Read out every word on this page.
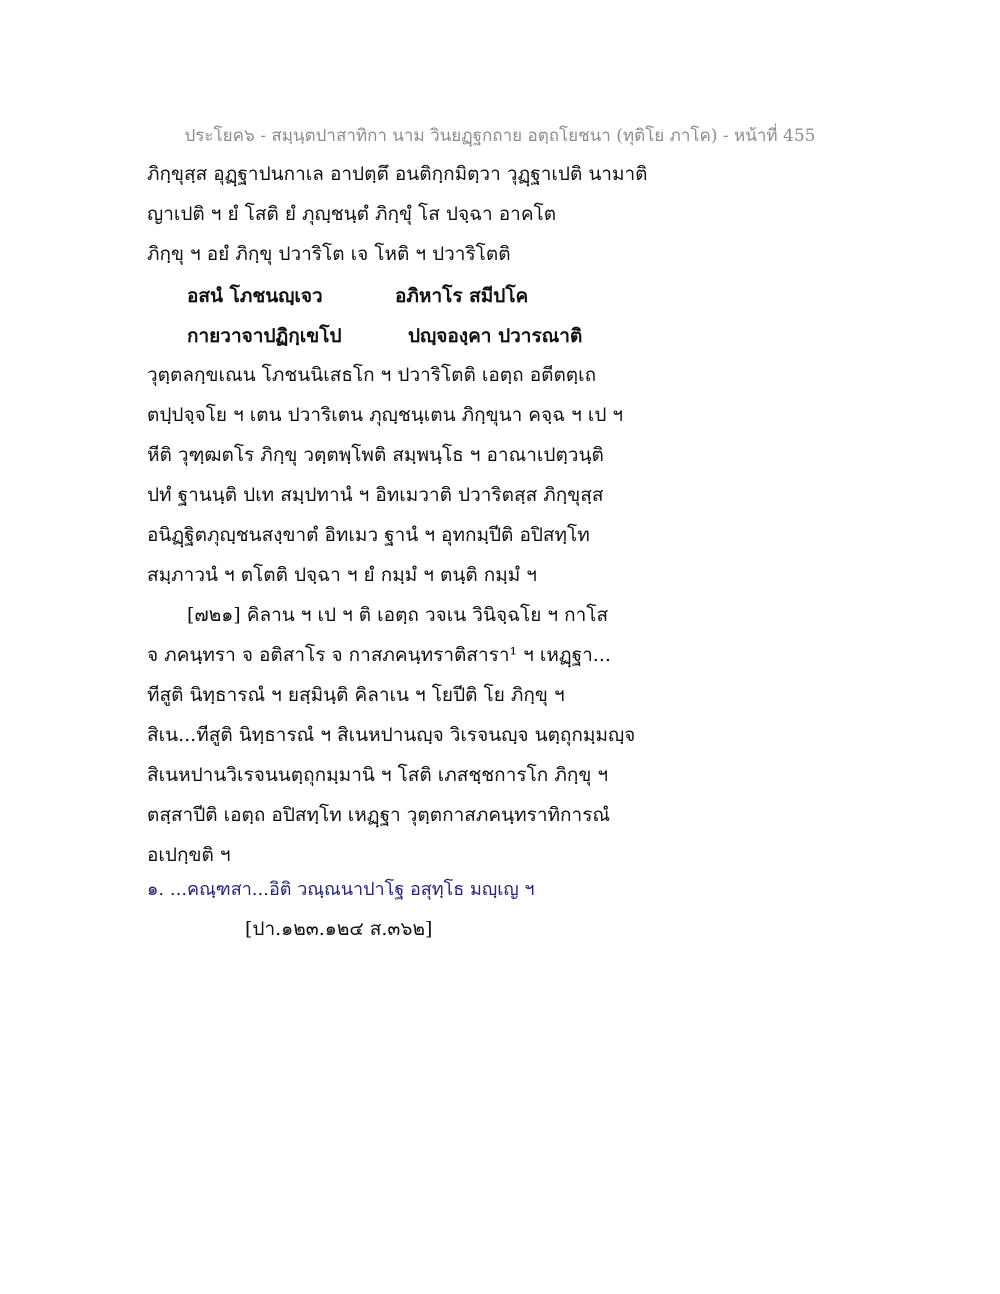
ประโยค๖ - สมฺนฺตปาสาทิกา นาม วินยฏฺฐกถาย อตฺถโยชนา (ทุติโย ภาโค) - หน้าที่ 455
ภิกฺขุสฺส อุฏฺฐาปนกาเล อาปตฺตึ อนติกฺกมิตฺวา วุฏฺฐาเปติ นามาติ
ญาเปติ ฯ ยํ โสติ ยํ ภุญฺชนฺตํ ภิกฺขุํ โส ปจฺฉา อาคโต
ภิกฺขุ ฯ อยํ ภิกฺขุ ปวาริโต เจ โหติ ฯ ปวาริโตติ
อสนํ โภชนญฺเจว	อภิหาโร สมีปโค
กายวาจาปฏิกฺเขโป	ปญฺจองฺคา ปวารณาติ
วุตฺตลกฺขเณน โภชนนิเสธโก ฯ ปวาริโตติ เอตฺถ อตีตตฺเถ
ตปฺปจฺจโย ฯ เตน ปวาริเตน ภุญฺชนฺเตน ภิกฺขุนา คจฺฉ ฯ เป ฯ
หีติ วุฑฺฒตโร ภิกฺขุ วตฺตพฺโพติ สมฺพนฺโธ ฯ อาณาเปตฺวนฺติ
ปทํ ฐานนฺติ ปเท สมฺปทานํ ฯ อิทเมวาติ ปวาริตสฺส ภิกฺขุสฺส
อนิฏฺฐิตภุญฺชนสงฺขาตํ อิทเมว ฐานํ ฯ อุทกมฺปีติ อปิสทฺโท
สมฺภาวนํ ฯ ตโตติ ปจฺฉา ฯ ยํ กมฺมํ ฯ ตนฺติ กมฺมํ ฯ
[๗๒๑] คิลาน ฯ เป ฯ ติ เอตฺถ วจเน วินิจฺฉโย ฯ กาโส
จ ภคนฺทรา จ อติสาโร จ กาสภคนฺทราติสารา¹ ฯ เหฏฺฐา...
ทีสูติ นิทฺธารณํ ฯ ยสฺมินฺติ คิลาเน ฯ โยปีติ โย ภิกฺขุ ฯ
สิเน...ทีสูติ นิทฺธารณํ ฯ สิเนหปานญฺจ วิเรจนญฺจ นตฺถุกมฺมญฺจ
สิเนหปานวิเรจนนตฺถุกมฺมานิ ฯ โสติ เภสชฺชการโก ภิกฺขุ ฯ
ตสฺสาปีติ เอตฺถ อปิสทฺโท เหฏฺฐา วุตฺตกาสภคนฺทราทิการณํ
อเปกฺขติ ฯ
๑. ...คณฺฑสา...อิติ วณฺณนาปาโฐ อสุทฺโธ มญฺเญ ฯ
[ปา.๑๒๓.๑๒๔ ส.๓๖๒]
